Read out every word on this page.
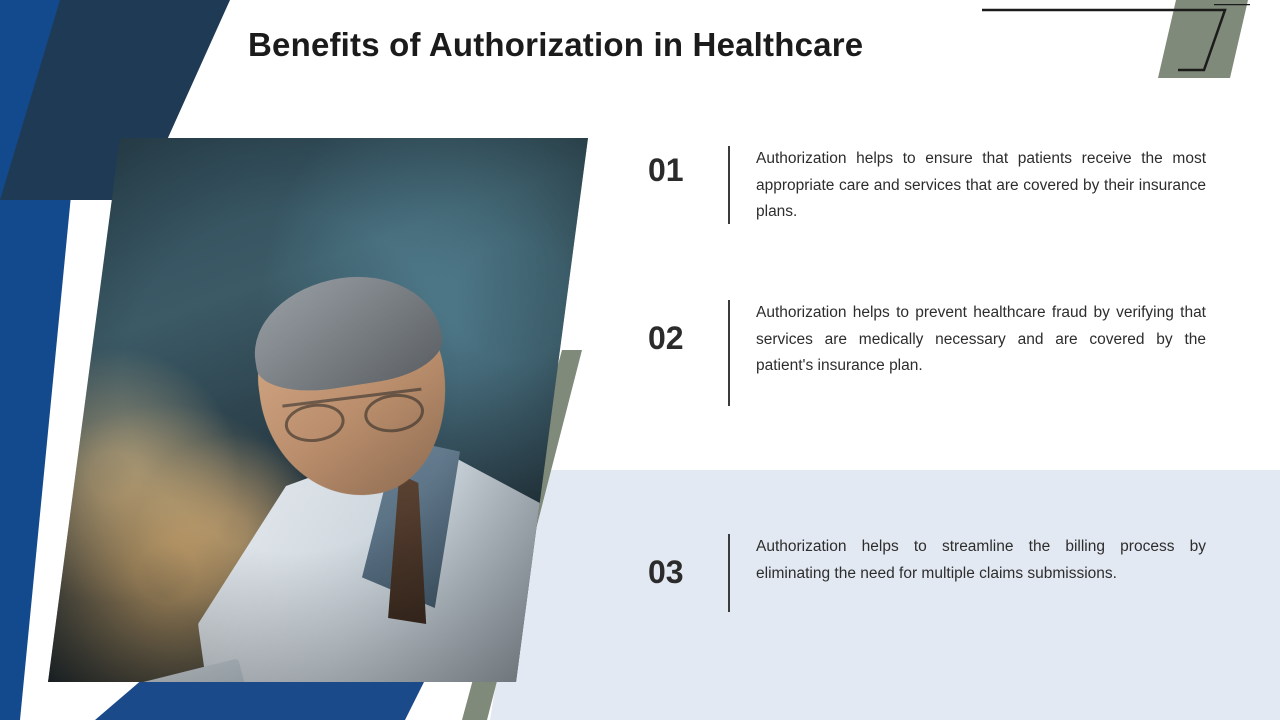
Benefits of Authorization in Healthcare
01	Authorization helps to ensure that patients receive the most appropriate care and services that are covered by their insurance plans.
02
Authorization helps to prevent healthcare fraud by verifying that services are medically necessary and are covered by the patient's insurance plan.
03
Authorization helps to streamline the billing process by eliminating the need for multiple claims submissions.
